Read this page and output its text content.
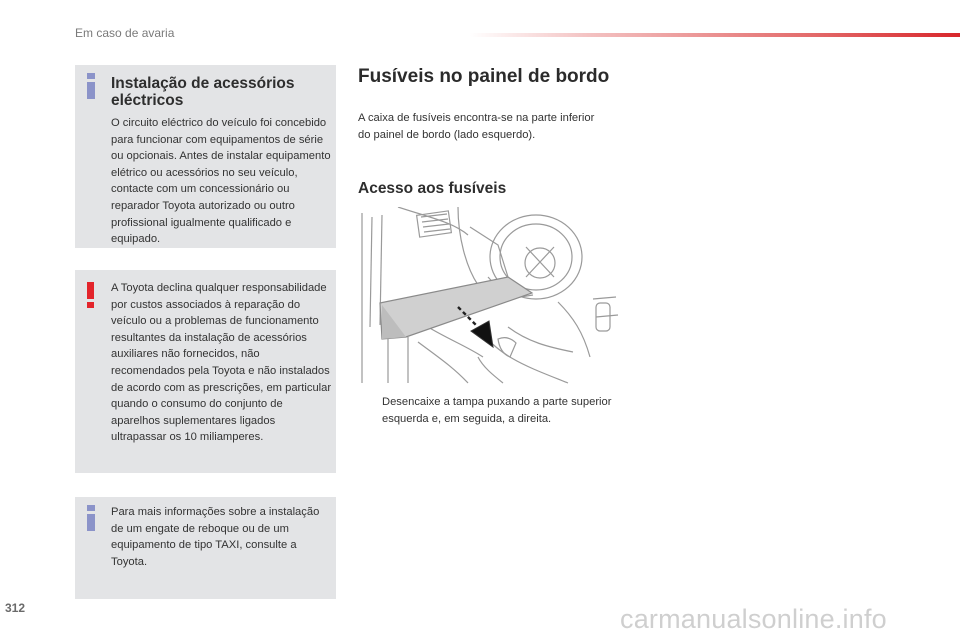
Em caso de avaria
Instalação de acessórios eléctricos
O circuito eléctrico do veículo foi concebido para funcionar com equipamentos de série ou opcionais. Antes de instalar equipamento elétrico ou acessórios no seu veículo, contacte com um concessionário ou reparador Toyota autorizado ou outro profissional igualmente qualificado e equipado.
A Toyota declina qualquer responsabilidade por custos associados à reparação do veículo ou a problemas de funcionamento resultantes da instalação de acessórios auxiliares não fornecidos, não recomendados pela Toyota e não instalados de acordo com as prescrições, em particular quando o consumo do conjunto de aparelhos suplementares ligados ultrapassar os 10 miliamperes.
Para mais informações sobre a instalação de um engate de reboque ou de um equipamento de tipo TAXI, consulte a Toyota.
Fusíveis no painel de bordo
A caixa de fusíveis encontra-se na parte inferior do painel de bordo (lado esquerdo).
Acesso aos fusíveis
Desencaixe a tampa puxando a parte superior esquerda e, em seguida, a direita.
312	carmanualsonline.info
